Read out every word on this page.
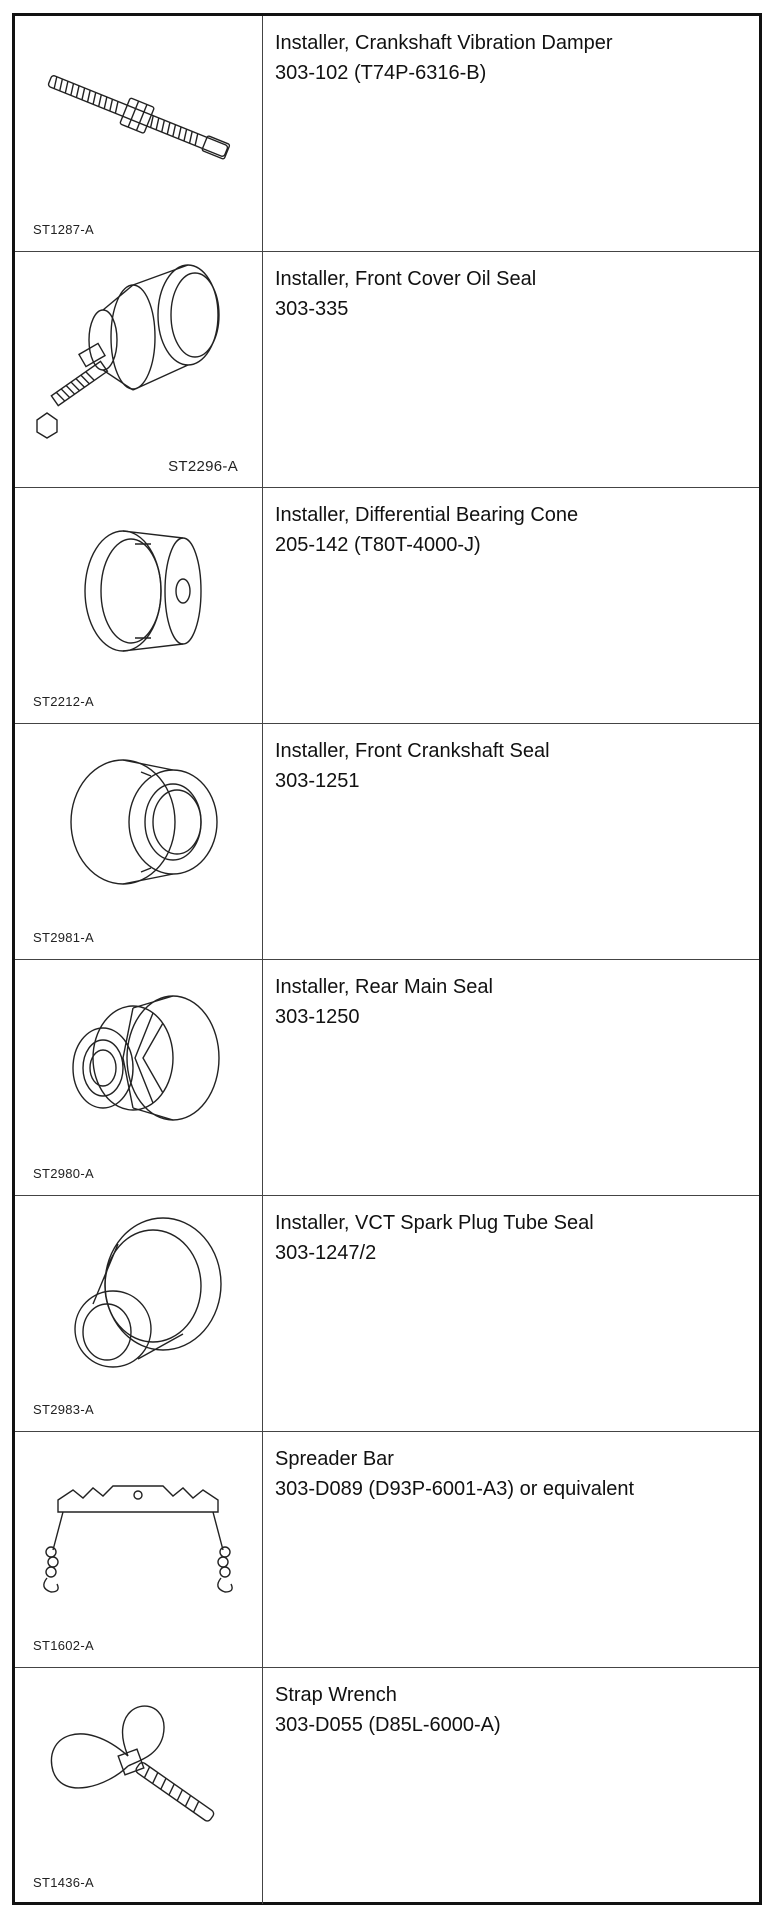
ST1287-A
Installer, Crankshaft Vibration Damper
303-102 (T74P-6316-B)
ST2296-A
Installer, Front Cover Oil Seal
303-335
ST2212-A
Installer, Differential Bearing Cone
205-142 (T80T-4000-J)
ST2981-A
Installer, Front Crankshaft Seal
303-1251
ST2980-A
Installer, Rear Main Seal
303-1250
ST2983-A
Installer, VCT Spark Plug Tube Seal
303-1247/2
ST1602-A
Spreader Bar
303-D089 (D93P-6001-A3) or equivalent
ST1436-A
Strap Wrench
303-D055 (D85L-6000-A)
